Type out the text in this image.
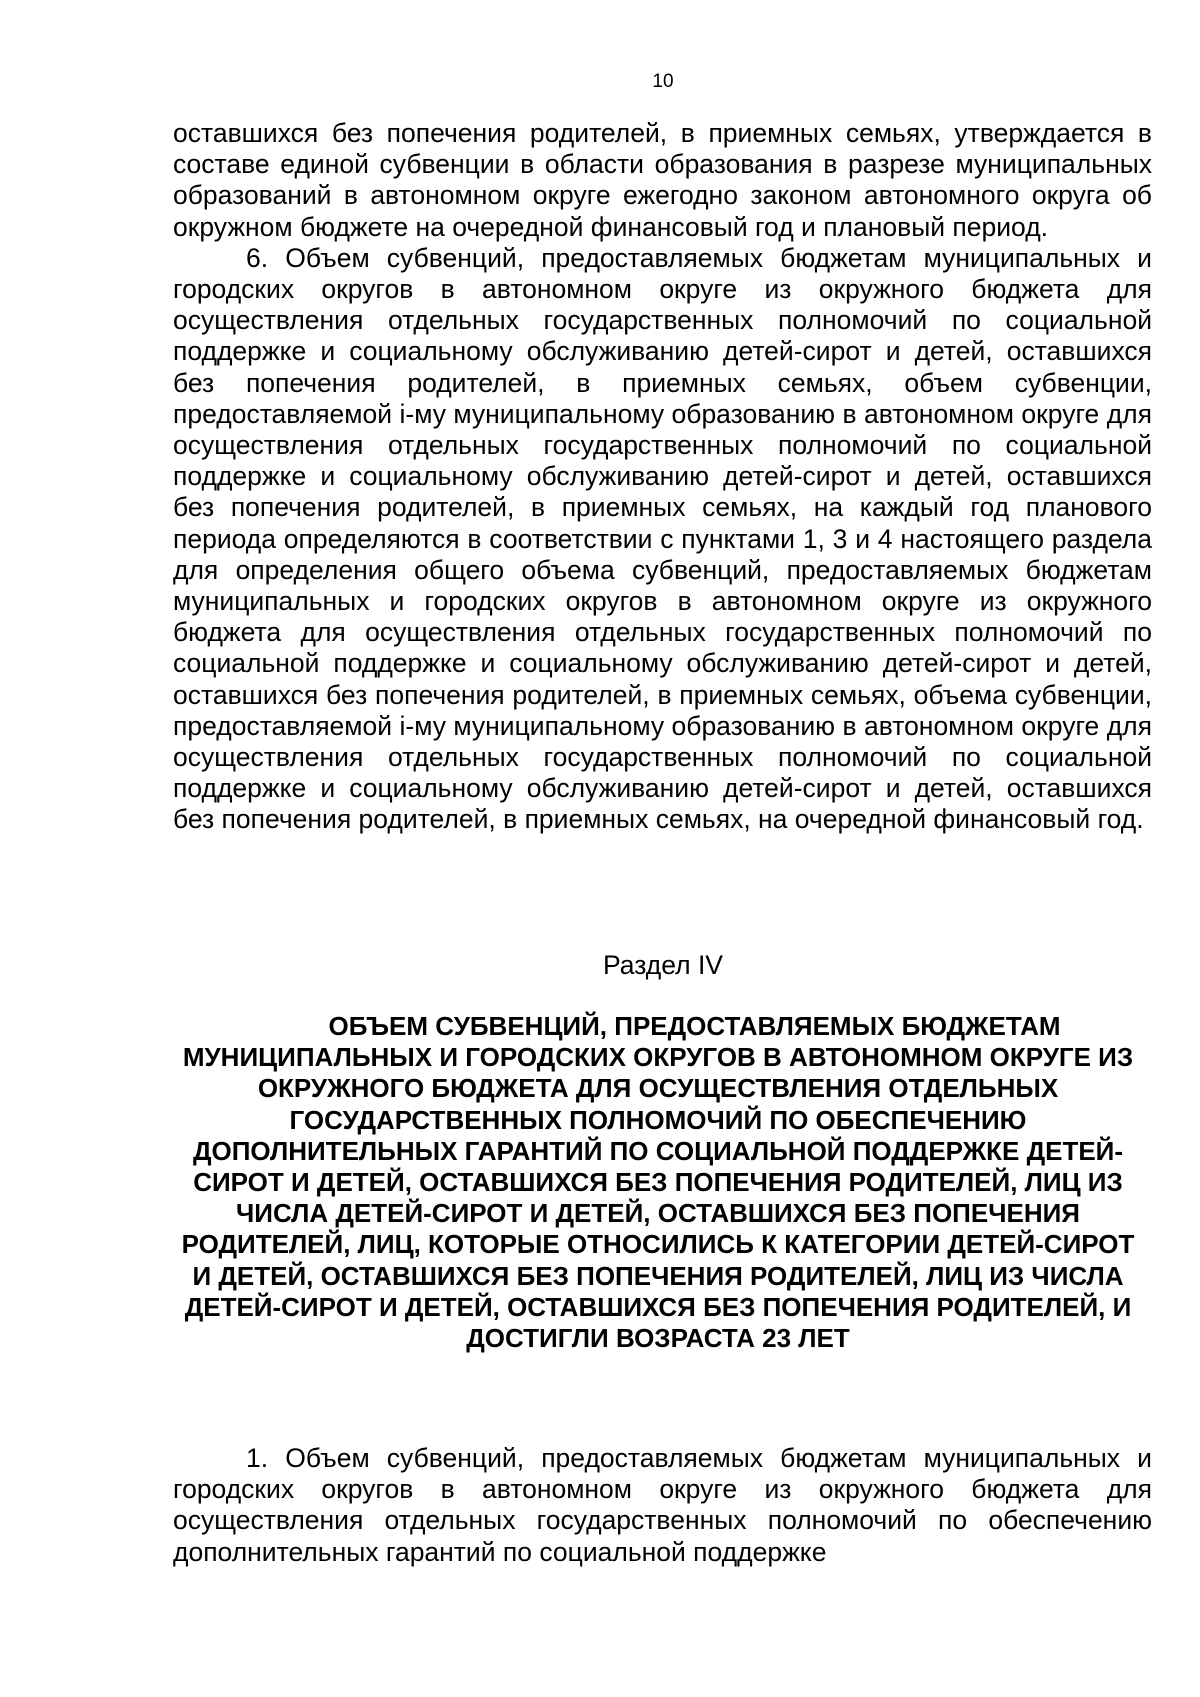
10

оставшихся без попечения родителей, в приемных семьях, утверждается в составе единой субвенции в области образования в разрезе муниципальных образований в автономном округе ежегодно законом автономного округа об окружном бюджете на очередной финансовый год и плановый период.

6. Объем субвенций, предоставляемых бюджетам муниципальных и городских округов в автономном округе из окружного бюджета для осуществления отдельных государственных полномочий по социальной поддержке и социальному обслуживанию детей-сирот и детей, оставшихся без попечения родителей, в приемных семьях, объем субвенции, предоставляемой i-му муниципальному образованию в автономном округе для осуществления отдельных государственных полномочий по социальной поддержке и социальному обслуживанию детей-сирот и детей, оставшихся без попечения родителей, в приемных семьях, на каждый год планового периода определяются в соответствии с пунктами 1, 3 и 4 настоящего раздела для определения общего объема субвенций, предоставляемых бюджетам муниципальных и городских округов в автономном округе из окружного бюджета для осуществления отдельных государственных полномочий по социальной поддержке и социальному обслуживанию детей-сирот и детей, оставшихся без попечения родителей, в приемных семьях, объема субвенции, предоставляемой i-му муниципальному образованию в автономном округе для осуществления отдельных государственных полномочий по социальной поддержке и социальному обслуживанию детей-сирот и детей, оставшихся без попечения родителей, в приемных семьях, на очередной финансовый год.

Раздел IV

ОБЪЕМ СУБВЕНЦИЙ, ПРЕДОСТАВЛЯЕМЫХ БЮДЖЕТАМ МУНИЦИПАЛЬНЫХ И ГОРОДСКИХ ОКРУГОВ В АВТОНОМНОМ ОКРУГЕ ИЗ ОКРУЖНОГО БЮДЖЕТА ДЛЯ ОСУЩЕСТВЛЕНИЯ ОТДЕЛЬНЫХ ГОСУДАРСТВЕННЫХ ПОЛНОМОЧИЙ ПО ОБЕСПЕЧЕНИЮ ДОПОЛНИТЕЛЬНЫХ ГАРАНТИЙ ПО СОЦИАЛЬНОЙ ПОДДЕРЖКЕ ДЕТЕЙ-СИРОТ И ДЕТЕЙ, ОСТАВШИХСЯ БЕЗ ПОПЕЧЕНИЯ РОДИТЕЛЕЙ, ЛИЦ ИЗ ЧИСЛА ДЕТЕЙ-СИРОТ И ДЕТЕЙ, ОСТАВШИХСЯ БЕЗ ПОПЕЧЕНИЯ РОДИТЕЛЕЙ, ЛИЦ, КОТОРЫЕ ОТНОСИЛИСЬ К КАТЕГОРИИ ДЕТЕЙ-СИРОТ И ДЕТЕЙ, ОСТАВШИХСЯ БЕЗ ПОПЕЧЕНИЯ РОДИТЕЛЕЙ, ЛИЦ ИЗ ЧИСЛА ДЕТЕЙ-СИРОТ И ДЕТЕЙ, ОСТАВШИХСЯ БЕЗ ПОПЕЧЕНИЯ РОДИТЕЛЕЙ, И ДОСТИГЛИ ВОЗРАСТА 23 ЛЕТ

1. Объем субвенций, предоставляемых бюджетам муниципальных и городских округов в автономном округе из окружного бюджета для осуществления отдельных государственных полномочий по обеспечению дополнительных гарантий по социальной поддержке
